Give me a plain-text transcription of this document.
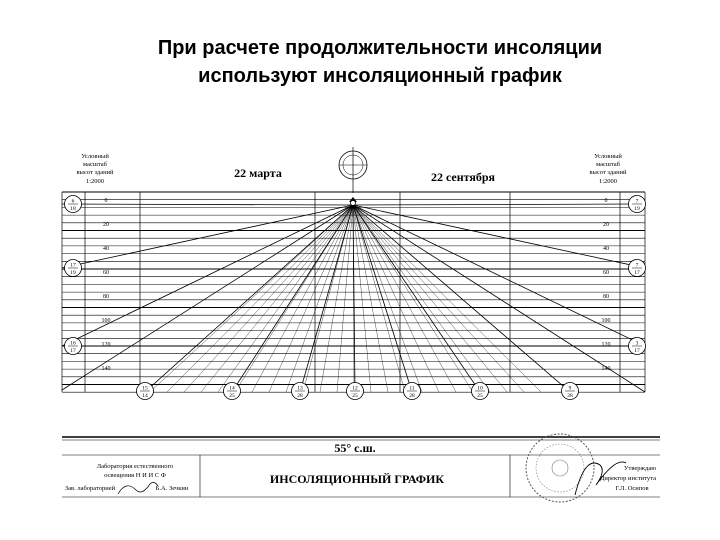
При расчете продолжительности инсоляции
используют инсоляционный график
Условный
масштаб
высот зданий
1:2000
Условный
масштаб
высот зданий
1:2000
22 марта	22 сентября
0
20
40
60
80
100
120
140
0
20
40
60
80
100
120
140
6
18
17
19
16
17
7
19
7
17
3
17
15
14
14
25
13
28
12
25
11
28
10
25
9
28
55° с.ш.
ИНСОЛЯЦИОННЫЙ ГРАФИК
Лаборатория естественного
освещения Н И И С Ф
Зав. лабораторией	Б.А. Зечкин
Утверждаю
Директор института
Г.Л. Осипов
